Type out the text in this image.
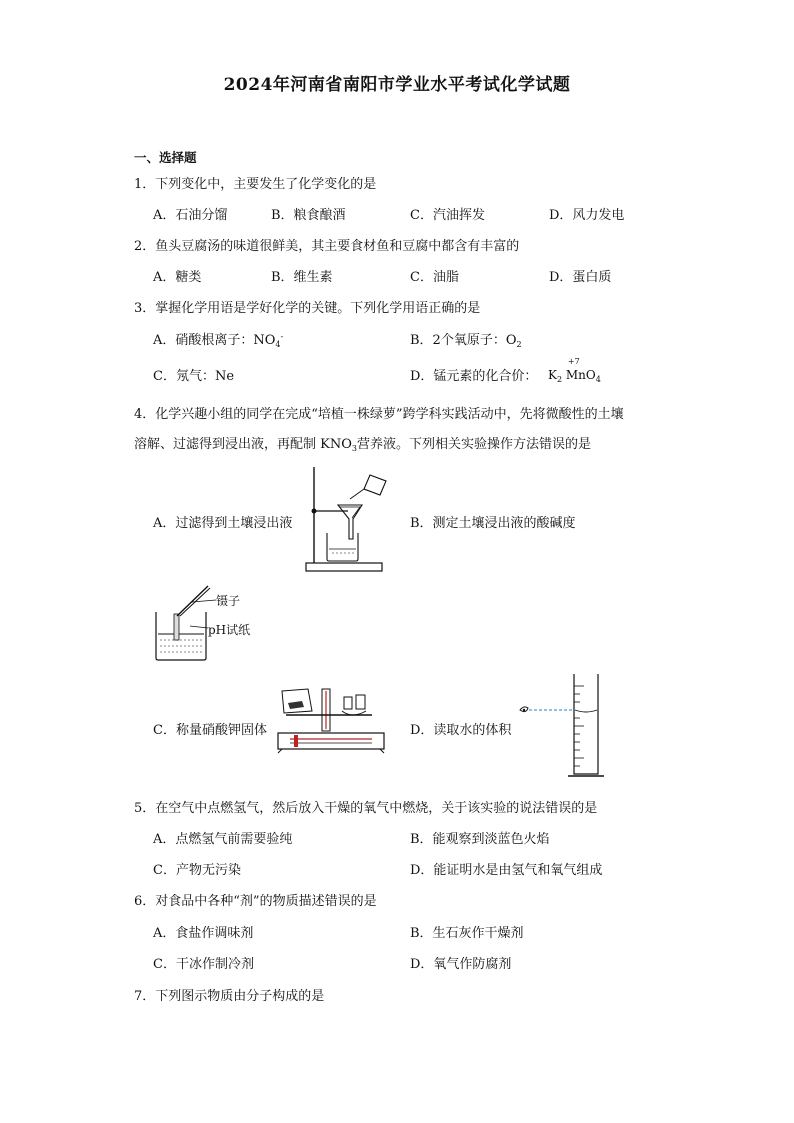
2024年河南省南阳市学业水平考试化学试题
一、选择题
1．下列变化中，主要发生了化学变化的是
A．石油分馏	B．粮食酿酒	C．汽油挥发	D．风力发电
2．鱼头豆腐汤的味道很鲜美，其主要食材鱼和豆腐中都含有丰富的
A．糖类	B．维生素	C．油脂	D．蛋白质
3．掌握化学用语是学好化学的关键。下列化学用语正确的是
A．硝酸根离子：$NO_4^-$	B．2个氧原子：$O_2$
C．氖气：Ne	D．锰元素的化合价： $K_2$ Mn
+7
$O_4$
4．化学兴趣小组的同学在完成“培植一株绿萝”跨学科实践活动中，先将微酸性的土壤
溶解、过滤得到浸出液，再配制 $KNO_3$营养液。下列相关实验操作方法错误的是
A．过滤得到土壤浸出液	B．测定土壤浸出液的酸碱度
镊子
pH试纸
C．称量硝酸钾固体	D．读取水的体积
5．在空气中点燃氢气，然后放入干燥的氧气中燃烧，关于该实验的说法错误的是
A．点燃氢气前需要验纯	B．能观察到淡蓝色火焰
C．产物无污染	D．能证明水是由氢气和氧气组成
6．对食品中各种“剂”的物质描述错误的是
A．食盐作调味剂	B．生石灰作干燥剂
C．干冰作制冷剂	D．氧气作防腐剂
7．下列图示物质由分子构成的是
